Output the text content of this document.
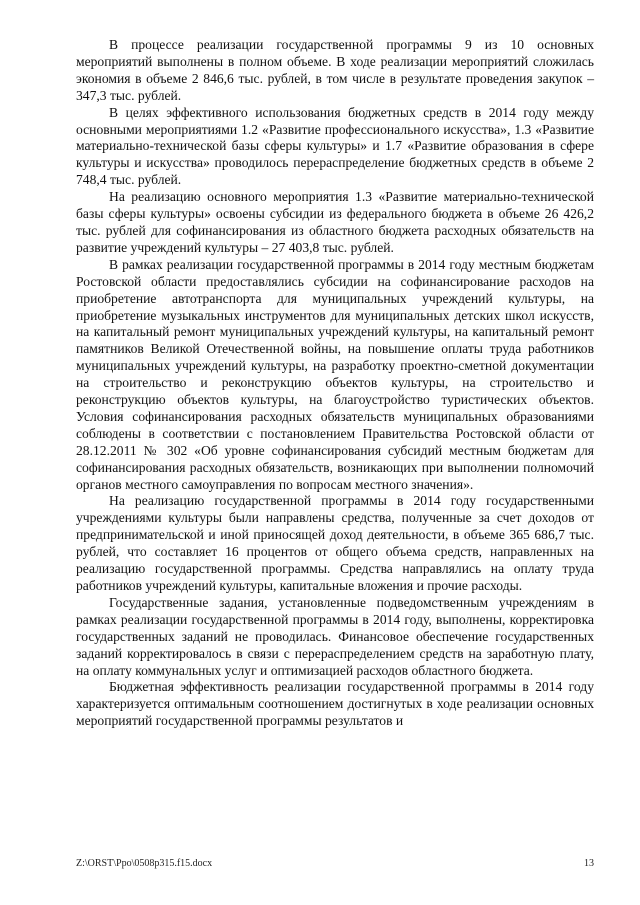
В процессе реализации государственной программы 9 из 10 основных мероприятий выполнены в полном объеме. В ходе реализации мероприятий сложилась экономия в объеме 2 846,6 тыс. рублей, в том числе в результате проведения закупок – 347,3 тыс. рублей.

В целях эффективного использования бюджетных средств в 2014 году между основными мероприятиями 1.2 «Развитие профессионального искусства», 1.3 «Развитие материально-технической базы сферы культуры» и 1.7 «Развитие образования в сфере культуры и искусства» проводилось перераспределение бюджетных средств в объеме 2 748,4 тыс. рублей.

На реализацию основного мероприятия 1.3 «Развитие материально-технической базы сферы культуры» освоены субсидии из федерального бюджета в объеме 26 426,2 тыс. рублей для софинансирования из областного бюджета расходных обязательств на развитие учреждений культуры – 27 403,8 тыс. рублей.

В рамках реализации государственной программы в 2014 году местным бюджетам Ростовской области предоставлялись субсидии на софинансирование расходов на приобретение автотранспорта для муниципальных учреждений культуры, на приобретение музыкальных инструментов для муниципальных детских школ искусств, на капитальный ремонт муниципальных учреждений культуры, на капитальный ремонт памятников Великой Отечественной войны, на повышение оплаты труда работников муниципальных учреждений культуры, на разработку проектно-сметной документации на строительство и реконструкцию объектов культуры, на строительство и реконструкцию объектов культуры, на благоустройство туристических объектов. Условия софинансирования расходных обязательств муниципальных образованиями соблюдены в соответствии с постановлением Правительства Ростовской области от 28.12.2011 № 302 «Об уровне софинансирования субсидий местным бюджетам для софинансирования расходных обязательств, возникающих при выполнении полномочий органов местного самоуправления по вопросам местного значения».

На реализацию государственной программы в 2014 году государственными учреждениями культуры были направлены средства, полученные за счет доходов от предпринимательской и иной приносящей доход деятельности, в объеме 365 686,7 тыс. рублей, что составляет 16 процентов от общего объема средств, направленных на реализацию государственной программы. Средства направлялись на оплату труда работников учреждений культуры, капитальные вложения и прочие расходы.

Государственные задания, установленные подведомственным учреждениям в рамках реализации государственной программы в 2014 году, выполнены, корректировка государственных заданий не проводилась. Финансовое обеспечение государственных заданий корректировалось в связи с перераспределением средств на заработную плату, на оплату коммунальных услуг и оптимизацией расходов областного бюджета.

Бюджетная эффективность реализации государственной программы в 2014 году характеризуется оптимальным соотношением достигнутых в ходе реализации основных мероприятий государственной программы результатов и

Z:\ORST\Ppo\0508p315.f15.docx	13
